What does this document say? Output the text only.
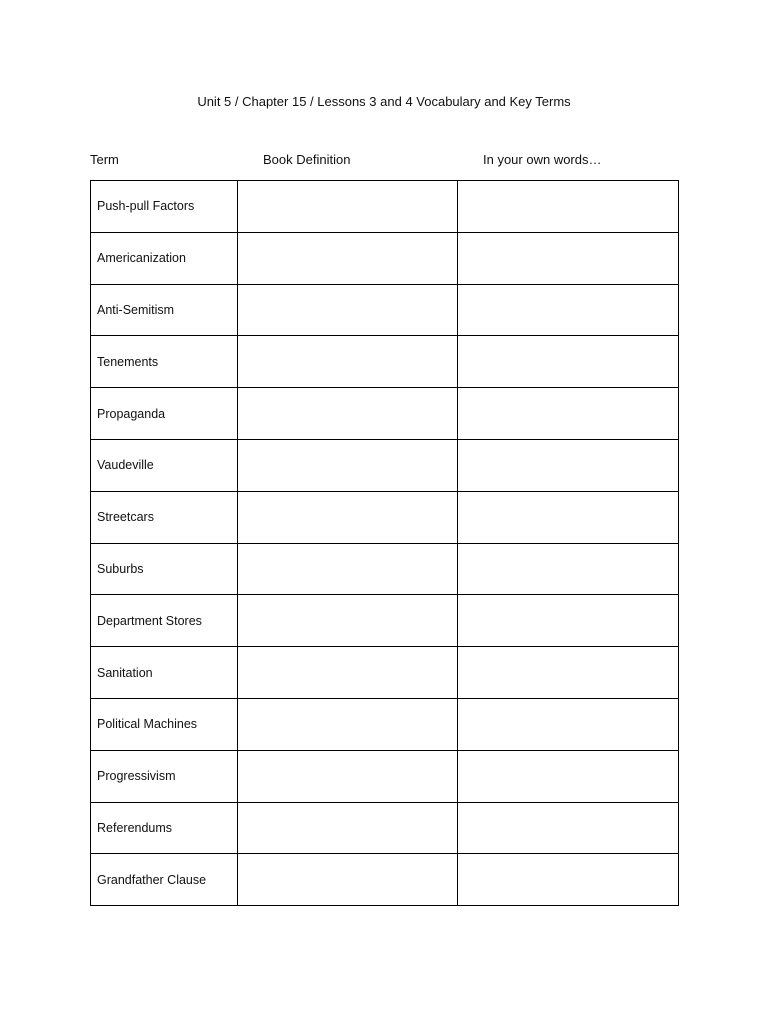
Unit 5 / Chapter 15 / Lessons 3 and 4 Vocabulary and Key Terms
Term	Book Definition	In your own words…
Push-pull Factors		
Americanization		
Anti-Semitism		
Tenements		
Propaganda		
Vaudeville		
Streetcars		
Suburbs		
Department Stores		
Sanitation		
Political Machines		
Progressivism		
Referendums		
Grandfather Clause		
